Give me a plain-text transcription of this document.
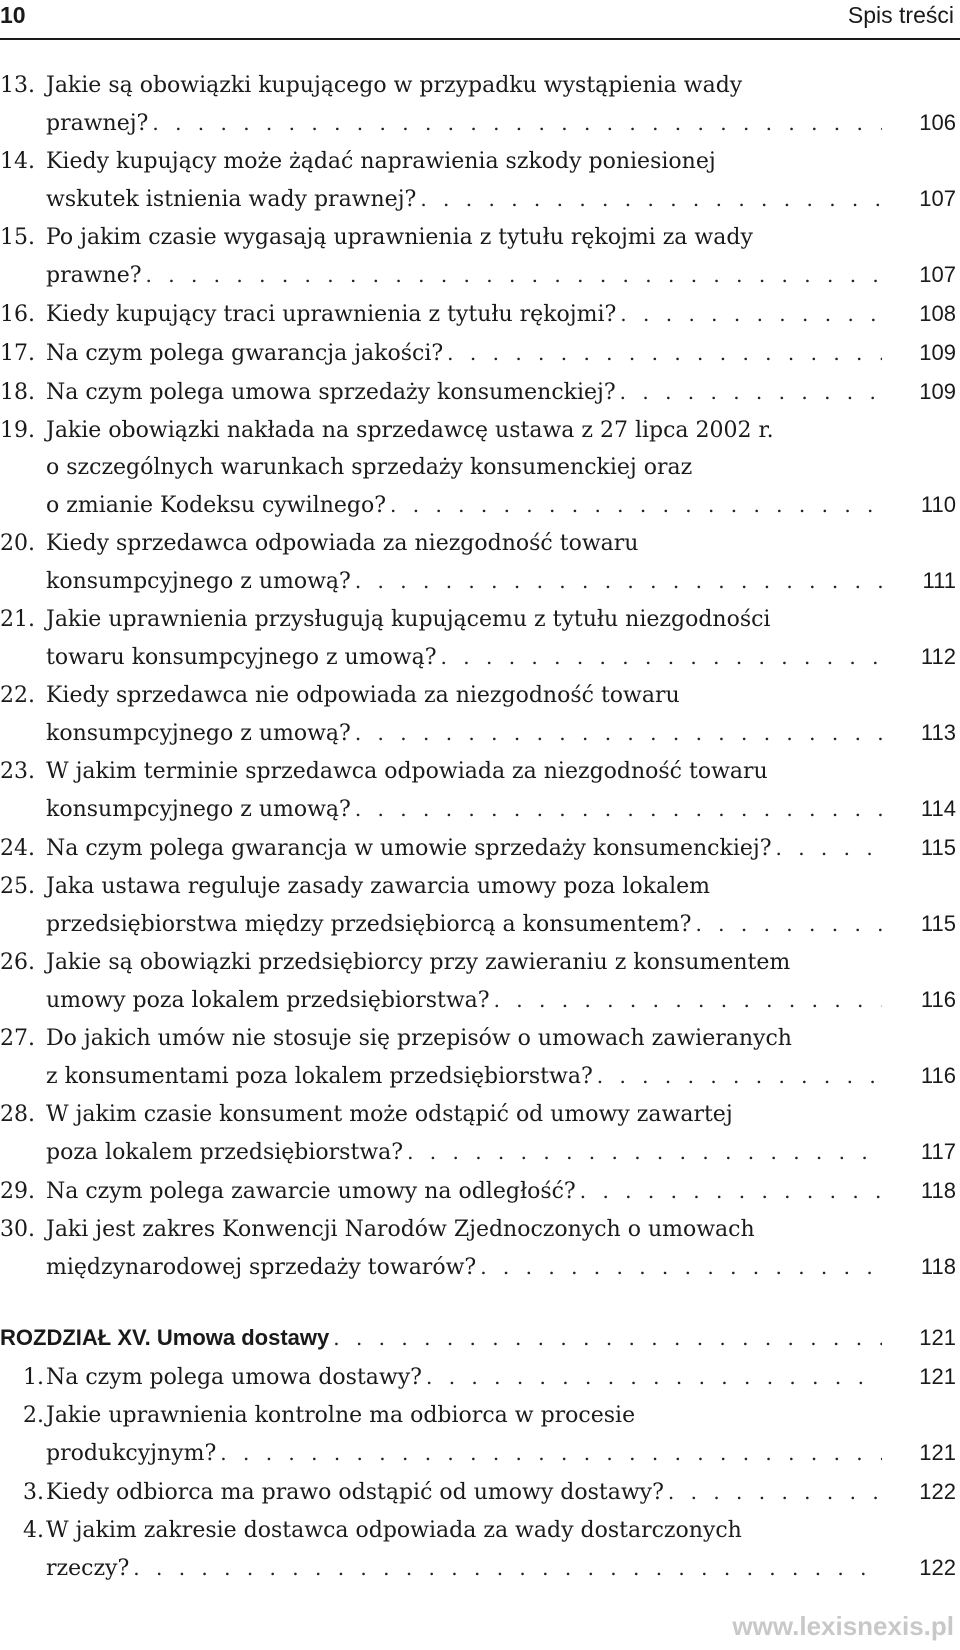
10	Spis treści
13. Jakie są obowiązki kupującego w przypadku wystąpienia wady
prawnej? . . .	106
14. Kiedy kupujący może żądać naprawienia szkody poniesionej
wskutek istnienia wady prawnej? . . .	107
15. Po jakim czasie wygasają uprawnienia z tytułu rękojmi za wady
prawne? . . .	107
16. Kiedy kupujący traci uprawnienia z tytułu rękojmi? . . .	108
17. Na czym polega gwarancja jakości? . . .	109
18. Na czym polega umowa sprzedaży konsumenckiej? . . .	109
19. Jakie obowiązki nakłada na sprzedawcę ustawa z 27 lipca 2002 r.
o szczególnych warunkach sprzedaży konsumenckiej oraz
o zmianie Kodeksu cywilnego? . . .	110
20. Kiedy sprzedawca odpowiada za niezgodność towaru
konsumpcyjnego z umową? . . .	111
21. Jakie uprawnienia przysługują kupującemu z tytułu niezgodności
towaru konsumpcyjnego z umową? . . .	112
22. Kiedy sprzedawca nie odpowiada za niezgodność towaru
konsumpcyjnego z umową? . . .	113
23. W jakim terminie sprzedawca odpowiada za niezgodność towaru
konsumpcyjnego z umową? . . .	114
24. Na czym polega gwarancja w umowie sprzedaży konsumenckiej? . . .	115
25. Jaka ustawa reguluje zasady zawarcia umowy poza lokalem
przedsiębiorstwa między przedsiębiorcą a konsumentem? . . .	115
26. Jakie są obowiązki przedsiębiorcy przy zawieraniu z konsumentem
umowy poza lokalem przedsiębiorstwa? . . .	116
27. Do jakich umów nie stosuje się przepisów o umowach zawieranych
z konsumentami poza lokalem przedsiębiorstwa? . . .	116
28. W jakim czasie konsument może odstąpić od umowy zawartej
poza lokalem przedsiębiorstwa? . . .	117
29. Na czym polega zawarcie umowy na odległość? . . .	118
30. Jaki jest zakres Konwencji Narodów Zjednoczonych o umowach
międzynarodowej sprzedaży towarów? . . .	118
ROZDZIAŁ XV. Umowa dostawy . . .	121
1. Na czym polega umowa dostawy? . . .	121
2.Jakie uprawnienia kontrolne ma odbiorca w procesie
produkcyjnym? . . .	121
3. Kiedy odbiorca ma prawo odstąpić od umowy dostawy? . . .	122
4.W jakim zakresie dostawca odpowiada za wady dostarczonych
rzeczy? . . .	122
www.lexisnexis.pl
